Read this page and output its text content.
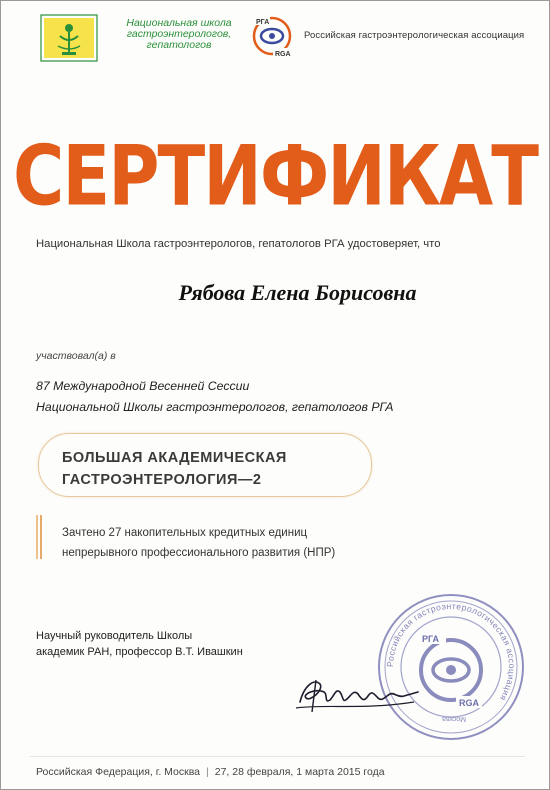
Национальная школа
гастроэнтерологов,
гепатологов
РГА
RGA
Российская гастроэнтерологическая ассоциация
СЕРТИФИКАТ
Национальная Школа гастроэнтерологов, гепатологов РГА удостоверяет, что
Рябова Елена Борисовна
участвовал(а) в
87 Международной Весенней Сессии
Национальной Школы гастроэнтерологов, гепатологов РГА
БОЛЬШАЯ АКАДЕМИЧЕСКАЯ
ГАСТРОЭНТЕРОЛОГИЯ—2
Зачтено 27 накопительных кредитных единиц
непрерывного профессионального развития (НПР)
Научный руководитель Школы
академик РАН, профессор В.Т. Ивашкин
Российская гастроэнтерологическая ассоциация
РГА
RGA
Москва
Российская Федерация, г. Москва | 27, 28 февраля, 1 марта 2015 года
